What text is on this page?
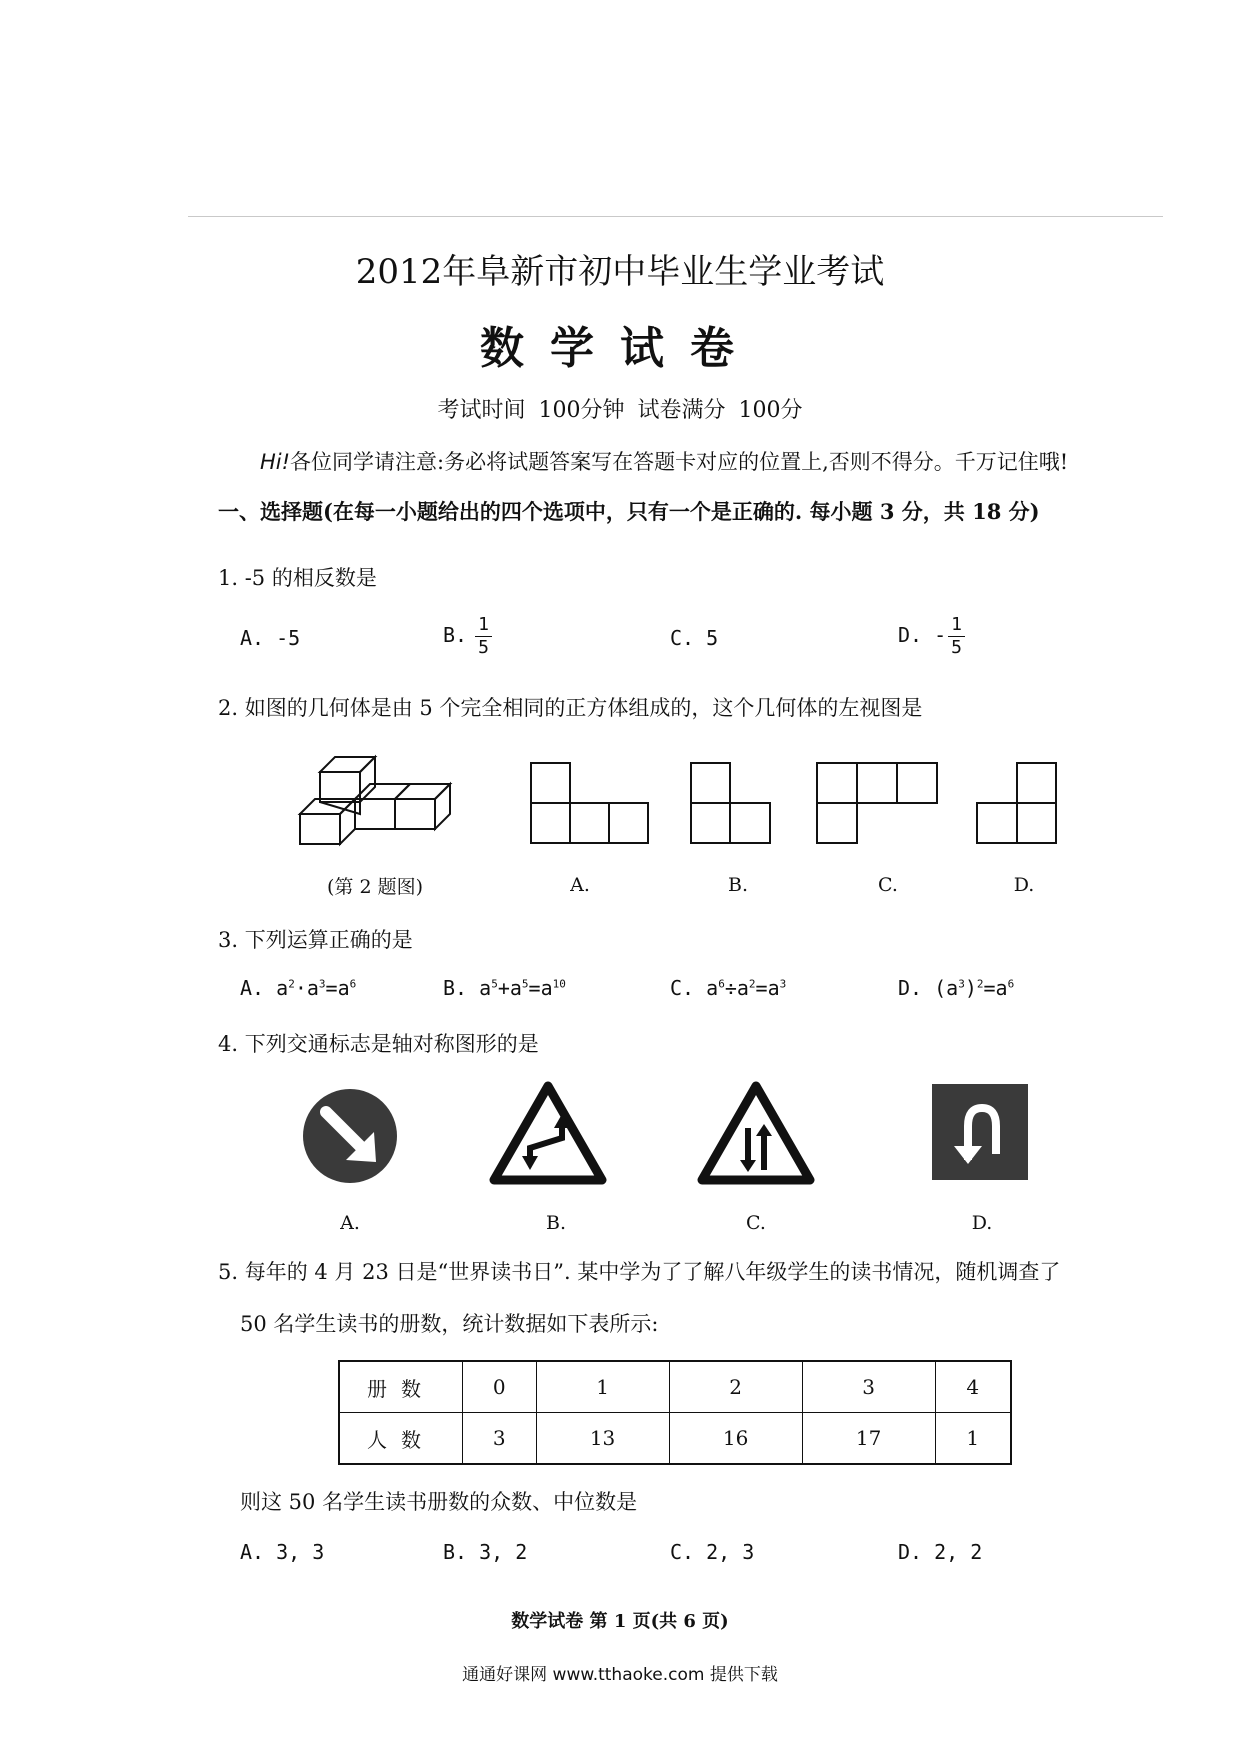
2012年阜新市初中毕业生学业考试
数学试卷
考试时间 100分钟 试卷满分 100分
Hi!各位同学请注意:务必将试题答案写在答题卡对应的位置上,否则不得分。千万记住哦!
一、选择题(在每一小题给出的四个选项中，只有一个是正确的. 每小题 3 分，共 18 分)
1. -5 的相反数是
A. -5	B. $\frac{1}{5}$	C. 5	D. - $\frac{1}{5}$
2. 如图的几何体是由 5 个完全相同的正方体组成的，这个几何体的左视图是
(第 2 题图)	A.	B.	C.	D.
3. 下列运算正确的是
A. $a^2\cdot a^3=a^6$	B. $a^5+a^5=a^{10}$	C. $a^6\div a^2=a^3$	D. $(a^3)^2=a^6$
4. 下列交通标志是轴对称图形的是
A.	B.	C.	D.
5. 每年的 4 月 23 日是“世界读书日”. 某中学为了了解八年级学生的读书情况，随机调查了
50 名学生读书的册数，统计数据如下表所示:
册数	0	1	2	3	4
人数	3	13	16	17	1
则这 50 名学生读书册数的众数、中位数是
A. 3, 3	B. 3, 2	C. 2, 3	D. 2, 2
数学试卷 第 1 页(共 6 页)
通通好课网 www.tthaoke.com 提供下载
